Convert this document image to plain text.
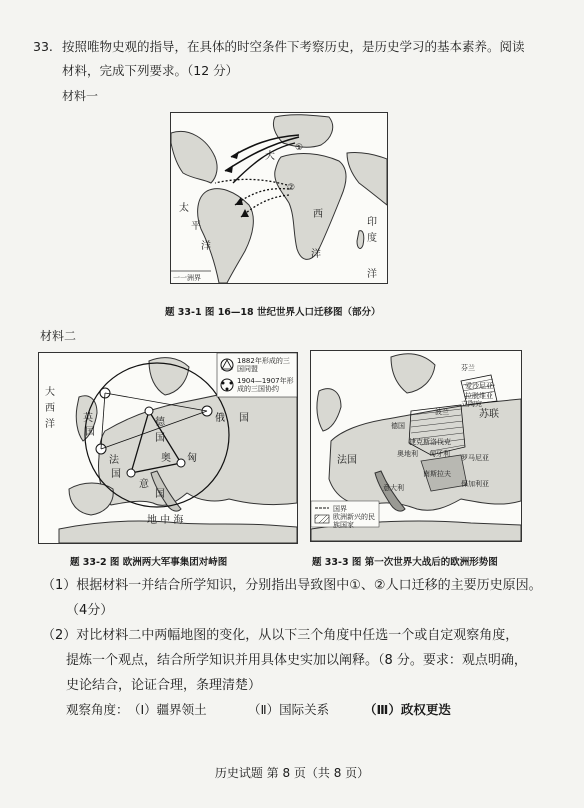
33. 按照唯物史观的指导，在具体的时空条件下考察历史，是历史学习的基本素养。阅读
材料，完成下列要求。（12 分）
材料一
大
西
太
平
洋
洋
印
度
洋
①
②
一一洲界
题 33-1 图 16—18 世纪世界人口迁移图（部分）
材料二
1882年形成的三国同盟
1904—1907年形成的三国协约
大
西
洋
英
国
法
国
德
国
奥 匈
意
国
俄 国
地 中 海
国界
欧洲新兴的民族国家
苏联
法国
波兰
德国
捷克斯洛伐克
奥地利 匈牙利 罗马尼亚
南斯拉夫
保加利亚
意大利
芬兰
拉脱维亚
立陶宛
爱沙尼亚
题 33-2 图 欧洲两大军事集团对峙图	题 33-3 图 第一次世界大战后的欧洲形势图
（1）根据材料一并结合所学知识，分别指出导致图中①、②人口迁移的主要历史原因。
（4分）
（2）对比材料二中两幅地图的变化，从以下三个角度中任选一个或自定观察角度，
提炼一个观点，结合所学知识并用具体史实加以阐释。（8 分。要求：观点明确，
史论结合，论证合理，条理清楚）
观察角度： （Ⅰ）疆界领土	（Ⅱ）国际关系	（Ⅲ）政权更迭
历史试题 第 8 页（共 8 页）
